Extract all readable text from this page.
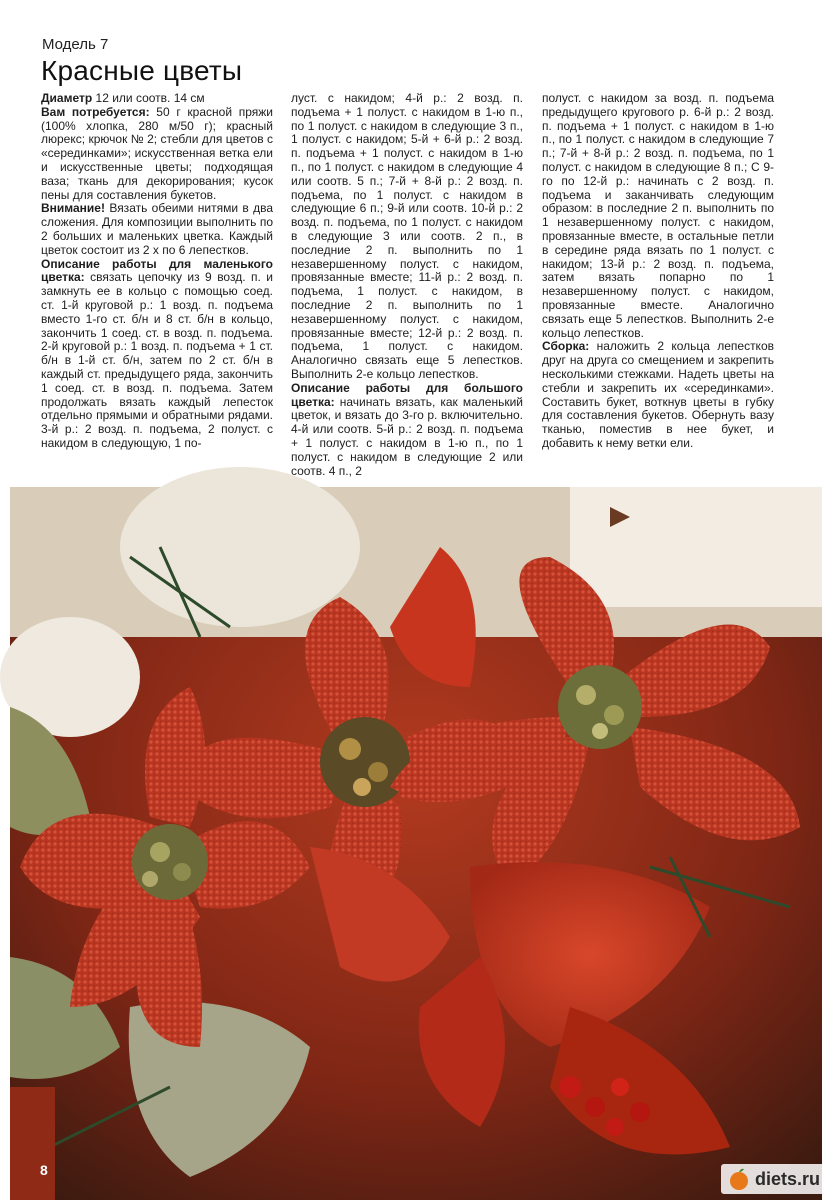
Модель 7
Красные цветы

Диаметр 12 или соотв. 14 см

Вам потребуется: 50 г красной пряжи (100% хлопка, 280 м/50 г); красный люрекс; крючок № 2; стебли для цветов с «серединками»; искусственная ветка ели и искусственные цветы; подходящая ваза; ткань для декорирования; кусок пены для составления букетов.

Внимание! Вязать обеими нитями в два сложения. Для композиции выполнить по 2 больших и маленьких цветка. Каждый цветок состоит из 2 х по 6 лепестков.

Описание работы для маленького цветка: связать цепочку из 9 возд. п. и замкнуть ее в кольцо с помощью соед. ст. 1-й круговой р.: 1 возд. п. подъема вместо 1-го ст. б/н и 8 ст. б/н в кольцо, закончить 1 соед. ст. в возд. п. подъема. 2-й круговой р.: 1 возд. п. подъема + 1 ст. б/н в 1-й ст. б/н, затем по 2 ст. б/н в каждый ст. предыдущего ряда, закончить 1 соед. ст. в возд. п. подъема. Затем продолжать вязать каждый лепесток отдельно прямыми и обратными рядами. 3-й р.: 2 возд. п. подъема, 2 полуст. с накидом в следующую, 1 по-

луст. с накидом; 4-й р.: 2 возд. п. подъема + 1 полуст. с накидом в 1-ю п., по 1 полуст. с накидом в следующие 3 п., 1 полуст. с накидом; 5-й + 6-й р.: 2 возд. п. подъема + 1 полуст. с накидом в 1-ю п., по 1 полуст. с накидом в следующие 4 или соотв. 5 п.; 7-й + 8-й р.: 2 возд. п. подъема, по 1 полуст. с накидом в следующие 6 п.; 9-й или соотв. 10-й р.: 2 возд. п. подъема, по 1 полуст. с накидом в следующие 3 или соотв. 2 п., в последние 2 п. выполнить по 1 незавершенному полуст. с накидом, провязанные вместе; 11-й р.: 2 возд. п. подъема, 1 полуст. с накидом, в последние 2 п. выполнить по 1 незавершенному полуст. с накидом, провязанные вместе; 12-й р.: 2 возд. п. подъема, 1 полуст. с накидом. Аналогично связать еще 5 лепестков. Выполнить 2-е кольцо лепестков.

Описание работы для большого цветка: начинать вязать, как маленький цветок, и вязать до 3-го р. включительно. 4-й или соотв. 5-й р.: 2 возд. п. подъема + 1 полуст. с накидом в 1-ю п., по 1 полуст. с накидом в следующие 2 или соотв. 4 п., 2

полуст. с накидом за возд. п. подъема предыдущего кругового р. 6-й р.: 2 возд. п. подъема + 1 полуст. с накидом в 1-ю п., по 1 полуст. с накидом в следующие 7 п.; 7-й + 8-й р.: 2 возд. п. подъема, по 1 полуст. с накидом в следующие 8 п.; С 9-го по 12-й р.: начинать с 2 возд. п. подъема и заканчивать следующим образом: в последние 2 п. выполнить по 1 незавершенному полуст. с накидом, провязанные вместе, в остальные петли в середине ряда вязать по 1 полуст. с накидом; 13-й р.: 2 возд. п. подъема, затем вязать попарно по 1 незавершенному полуст. с накидом, провязанные вместе. Аналогично связать еще 5 лепестков. Выполнить 2-е кольцо лепестков.

Сборка: наложить 2 кольца лепестков друг на друга со смещением и закрепить несколькими стежками. Надеть цветы на стебли и закрепить их «серединками». Составить букет, воткнув цветы в губку для составления букетов. Обернуть вазу тканью, поместив в нее букет, и добавить к нему ветки ели.

8	diets.ru
